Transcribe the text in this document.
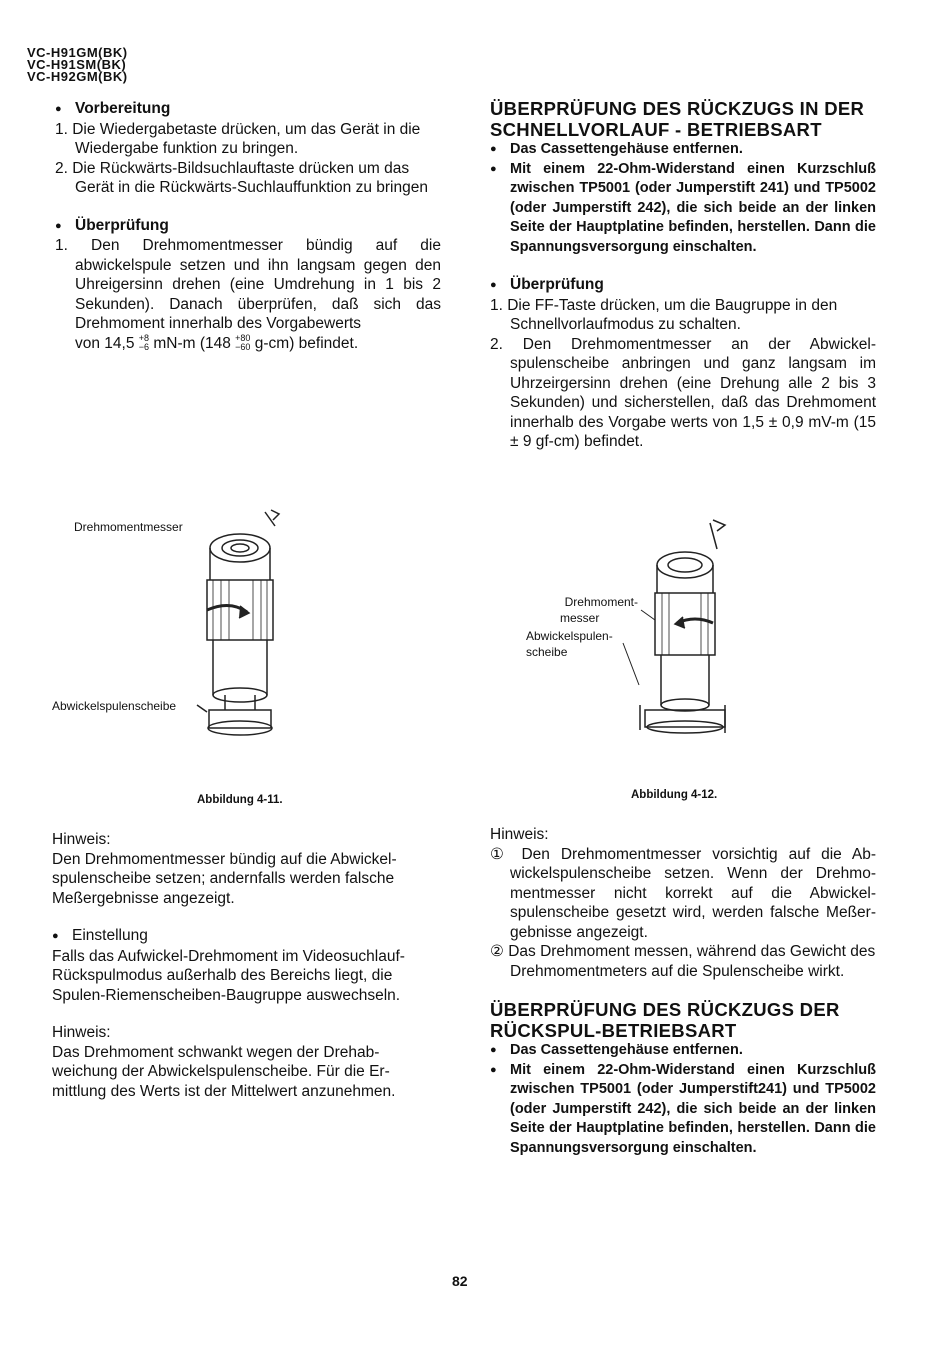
VC-H91GM(BK)
VC-H91SM(BK)
VC-H92GM(BK)

● Vorbereitung

1. Die Wiedergabetaste drücken, um das Gerät in die Wiedergabe funktion zu bringen.

2. Die Rückwärts-Bildsuchlauftaste drücken um das Gerät in die Rückwärts-Suchlauffunktion zu bringen

● Überprüfung

1. Den Drehmomentmesser bündig auf die abwickelspule setzen und ihn langsam gegen den Uhreigersinn drehen (eine Umdrehung in 1 bis 2 Sekunden). Danach überprüfen, daß sich das Drehmoment innerhalb des Vorgabewerts

von 14,5 +8
−6 mN-m (148 +80
−60 g-cm) befindet.

Drehmomentmesser
Abwickelspulenscheibe
Abbildung 4-11.

Hinweis:

Den Drehmomentmesser bündig auf die Abwickel-spulenscheibe setzen; andernfalls werden falsche Meßergebnisse angezeigt.

● Einstellung

Falls das Aufwickel-Drehmoment im Videosuchlauf-Rückspulmodus außerhalb des Bereichs liegt, die Spulen-Riemenscheiben-Baugruppe auswechseln.

Hinweis:

Das Drehmoment schwankt wegen der Drehab-weichung der Abwickelspulenscheibe. Für die Er-mittlung des Werts ist der Mittelwert anzunehmen.

ÜBERPRÜFUNG DES RÜCKZUGS IN DER SCHNELLVORLAUF - BETRIEBSART

● Das Cassettengehäuse entfernen.

● Mit einem 22-Ohm-Widerstand einen Kurzschluß zwischen TP5001 (oder Jumperstift 241) und TP5002 (oder Jumperstift 242), die sich beide an der linken Seite der Hauptplatine befinden, herstellen. Dann die Spannungsversorgung einschalten.

● Überprüfung

1. Die FF-Taste drücken, um die Baugruppe in den Schnellvorlaufmodus zu schalten.

2. Den Drehmomentmesser an der Abwickel-spulenscheibe anbringen und ganz langsam im Uhrzeirgersinn drehen (eine Drehung alle 2 bis 3 Sekunden) und sicherstellen, daß das Drehmoment innerhalb des Vorgabe werts von 1,5 ± 0,9 mV-m (15 ± 9 gf-cm) befindet.

Drehmoment-
messer
Abwickelspulen-
scheibe
Abbildung 4-12.

Hinweis:

① Den Drehmomentmesser vorsichtig auf die Ab-wickelspulenscheibe setzen. Wenn der Drehmo-mentmesser nicht korrekt auf die Abwickel-spulenscheibe gesetzt wird, werden falsche Meßer- gebnisse angezeigt.

② Das Drehmoment messen, während das Gewicht des Drehmomentmeters auf die Spulenscheibe wirkt.

ÜBERPRÜFUNG DES RÜCKZUGS DER RÜCKSPUL-BETRIEBSART

● Das Cassettengehäuse entfernen.

● Mit einem 22-Ohm-Widerstand einen Kurzschluß zwischen TP5001 (oder Jumperstift241) und TP5002 (oder Jumperstift 242), die sich beide an der linken Seite der Hauptplatine befinden, herstellen. Dann die Spannungsversorgung einschalten.

82
